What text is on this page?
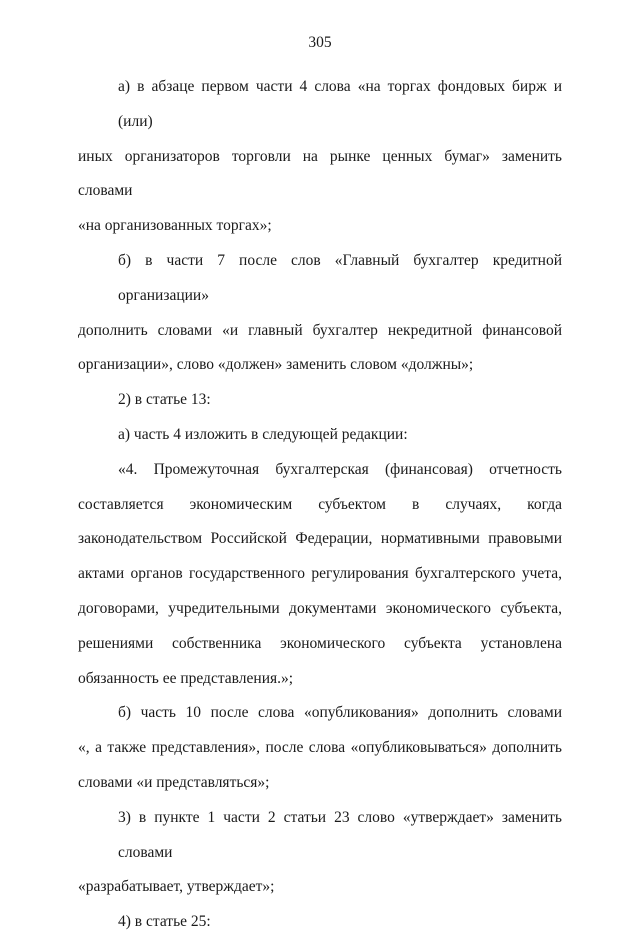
305
а) в абзаце первом части 4 слова «на торгах фондовых бирж и (или)
иных организаторов торговли на рынке ценных бумаг» заменить словами
«на организованных торгах»;
б) в части 7 после слов «Главный бухгалтер кредитной организации»
дополнить словами «и главный бухгалтер некредитной финансовой
организации», слово «должен» заменить словом «должны»;
2) в статье 13:
а) часть 4 изложить в следующей редакции:
«4. Промежуточная бухгалтерская (финансовая) отчетность
составляется экономическим субъектом в случаях, когда
законодательством Российской Федерации, нормативными правовыми
актами органов государственного регулирования бухгалтерского учета,
договорами, учредительными документами экономического субъекта,
решениями собственника экономического субъекта установлена
обязанность ее представления.»;
б) часть 10 после слова «опубликования» дополнить словами
«, а также представления», после слова «опубликовываться» дополнить
словами «и представляться»;
3) в пункте 1 части 2 статьи 23 слово «утверждает» заменить словами
«разрабатывает, утверждает»;
4) в статье 25:
